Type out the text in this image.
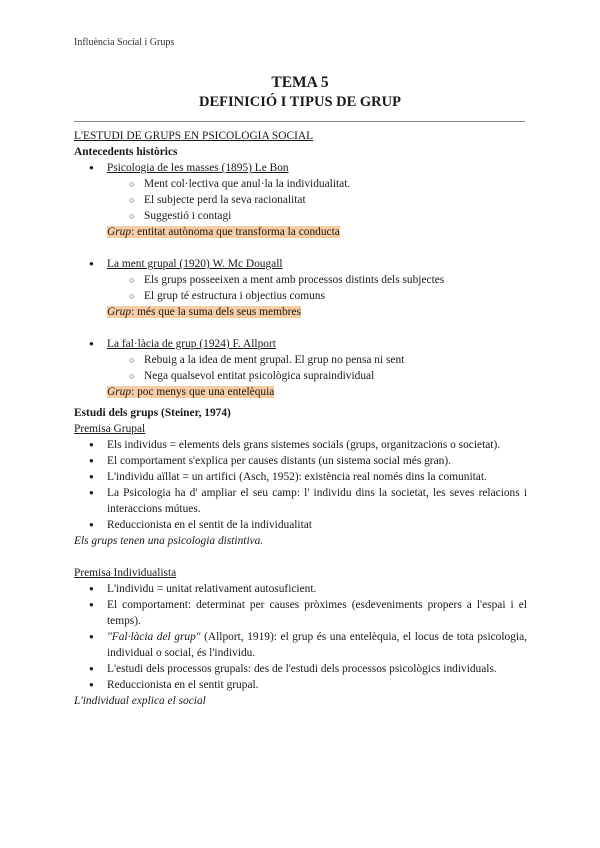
Influència Social i Grups
TEMA 5
DEFINICIÓ I TIPUS DE GRUP
L'ESTUDI DE GRUPS EN PSICOLOGIA SOCIAL
Antecedents històrics
● Psicologia de les masses (1895) Le Bon
○ Ment col·lectiva que anul·la la individualitat.
○ El subjecte perd la seva racionalitat
○ Suggestió i contagi
Grup: entitat autònoma que transforma la conducta
● La ment grupal (1920) W. Mc Dougall
○ Els grups posseeixen a ment amb processos distints dels subjectes
○ El grup té estructura i objectius comuns
Grup: més que la suma dels seus membres
● La fal·làcia de grup (1924) F. Allport
○ Rebuig a la idea de ment grupal. El grup no pensa ni sent
○ Nega qualsevol entitat psicològica supraindividual
Grup: poc menys que una entelèquia
Estudi dels grups (Steiner, 1974)
Premisa Grupal
● Els individus = elements dels grans sistemes socials (grups, organitzacions o societat).
● El comportament s'explica per causes distants (un sistema social més gran).
● L'individu aïllat = un artifici (Asch, 1952): existència real només dins la comunitat.
● La Psicologia ha d' ampliar el seu camp: l' individu dins la societat, les seves relacions i interaccions mútues.
● Reduccionista en el sentit de la individualitat
Els grups tenen una psicologia distintiva.
Premisa Individualista
● L'individu = unitat relativament autosuficient.
● El comportament: determinat per causes pròximes (esdeveniments propers a l'espai i el temps).
● "Fal·làcia del grup" (Allport, 1919): el grup és una entelèquia, el locus de tota psicologia, individual o social, és l'individu.
● L'estudi dels processos grupals: des de l'estudi dels processos psicològics individuals.
● Reduccionista en el sentit grupal.
L'individual explica el social
